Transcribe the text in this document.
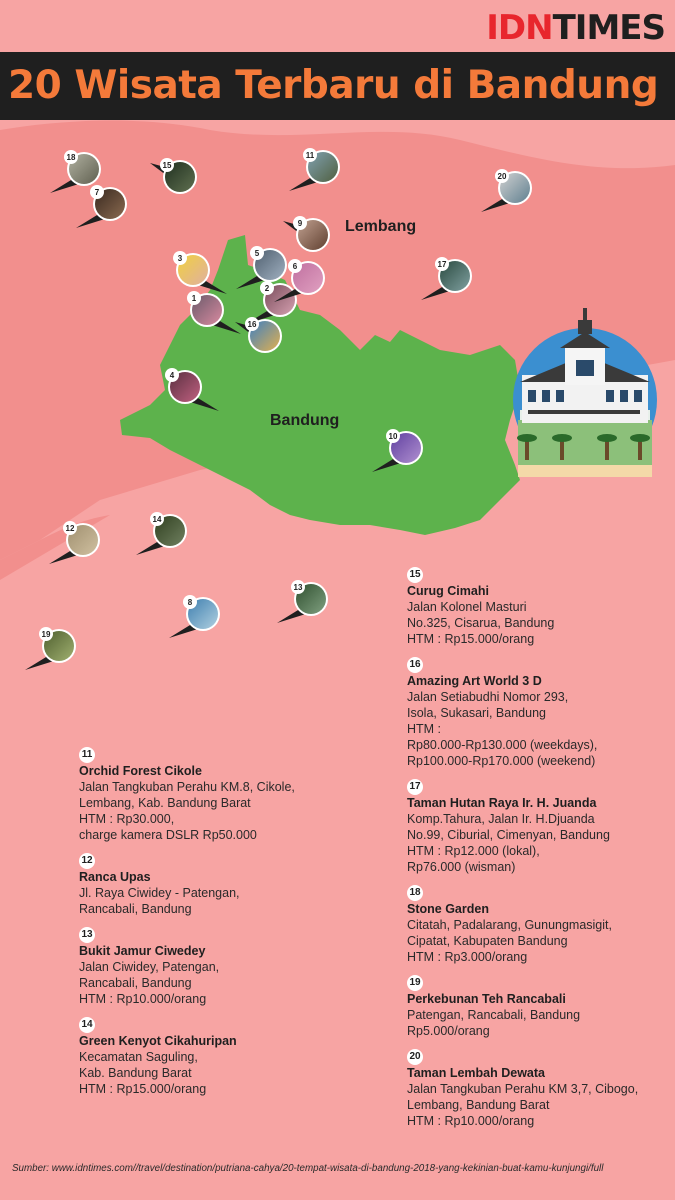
IDNTIMES
20 Wisata Terbaru di Bandung
1
2
3
4
5
6
7
8
9
10
11
12
13
14
15
16
17
18
19
20
Lembang
Bandung
11
Orchid Forest Cikole
Jalan Tangkuban Perahu KM.8, Cikole,
Lembang, Kab. Bandung Barat
HTM : Rp30.000,
charge kamera DSLR Rp50.000
12
Ranca Upas
Jl. Raya Ciwidey - Patengan,
Rancabali, Bandung
13
Bukit Jamur Ciwedey
Jalan Ciwidey, Patengan,
Rancabali, Bandung
HTM : Rp10.000/orang
14
Green Kenyot Cikahuripan
Kecamatan Saguling,
Kab. Bandung Barat
HTM : Rp15.000/orang
15
Curug Cimahi
Jalan Kolonel Masturi
No.325, Cisarua, Bandung
HTM : Rp15.000/orang
16
Amazing Art World 3 D
Jalan Setiabudhi Nomor 293,
Isola, Sukasari, Bandung
HTM :
Rp80.000-Rp130.000 (weekdays),
Rp100.000-Rp170.000 (weekend)
17
Taman Hutan Raya Ir. H. Juanda
Komp.Tahura, Jalan Ir. H.Djuanda
No.99, Ciburial, Cimenyan, Bandung
HTM : Rp12.000 (lokal),
Rp76.000 (wisman)
18
Stone Garden
Citatah, Padalarang, Gunungmasigit,
Cipatat, Kabupaten Bandung
HTM : Rp3.000/orang
19
Perkebunan Teh Rancabali
Patengan, Rancabali, Bandung
Rp5.000/orang
20
Taman Lembah Dewata
Jalan Tangkuban Perahu KM 3,7, Cibogo,
Lembang, Bandung Barat
HTM : Rp10.000/orang
Sumber: www.idntimes.com//travel/destination/putriana-cahya/20-tempat-wisata-di-bandung-2018-yang-kekinian-buat-kamu-kunjungi/full
